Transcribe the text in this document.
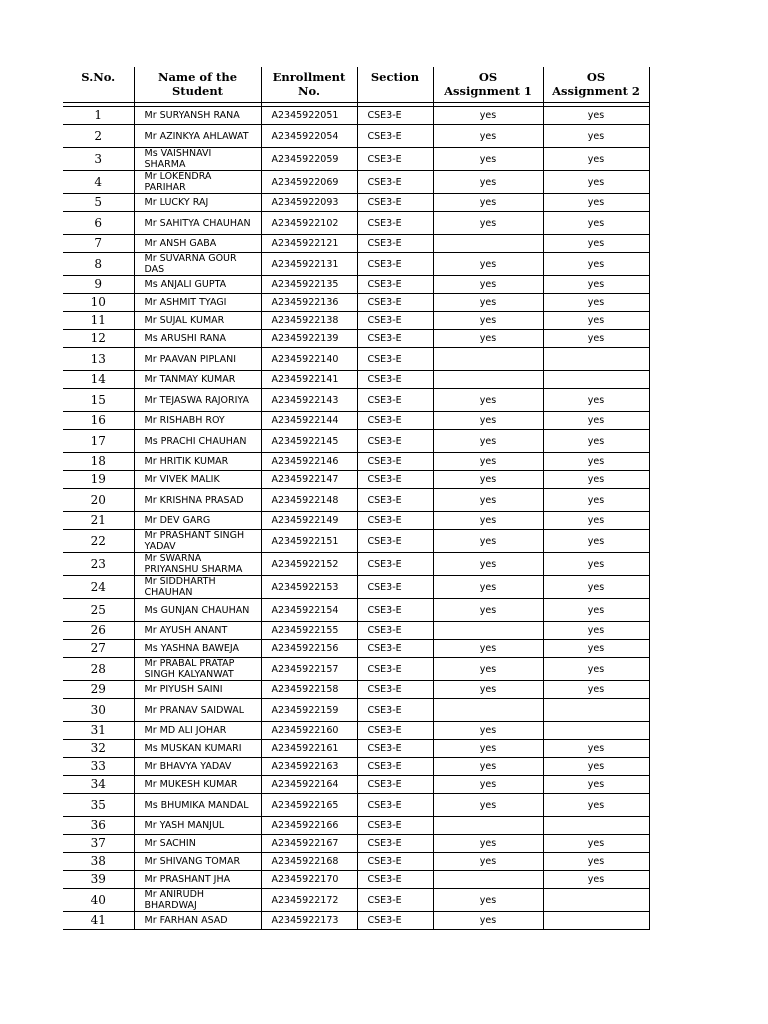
S.No.	Name of the Student	Enrollment No.	Section	OS Assignment 1	OS Assignment 2

1	Mr SURYANSH RANA	A2345922051	CSE3-E	yes	yes
2	Mr AZINKYA AHLAWAT	A2345922054	CSE3-E	yes	yes
3	Ms VAISHNAVI SHARMA	A2345922059	CSE3-E	yes	yes
4	Mr LOKENDRA PARIHAR	A2345922069	CSE3-E	yes	yes
5	Mr LUCKY RAJ	A2345922093	CSE3-E	yes	yes
6	Mr SAHITYA CHAUHAN	A2345922102	CSE3-E	yes	yes
7	Mr ANSH GABA	A2345922121	CSE3-E		yes
8	Mr SUVARNA GOUR DAS	A2345922131	CSE3-E	yes	yes
9	Ms ANJALI GUPTA	A2345922135	CSE3-E	yes	yes
10	Mr ASHMIT TYAGI	A2345922136	CSE3-E	yes	yes
11	Mr SUJAL KUMAR	A2345922138	CSE3-E	yes	yes
12	Ms ARUSHI RANA	A2345922139	CSE3-E	yes	yes
13	Mr PAAVAN PIPLANI	A2345922140	CSE3-E		
14	Mr TANMAY KUMAR	A2345922141	CSE3-E		
15	Mr TEJASWA RAJORIYA	A2345922143	CSE3-E	yes	yes
16	Mr RISHABH ROY	A2345922144	CSE3-E	yes	yes
17	Ms PRACHI CHAUHAN	A2345922145	CSE3-E	yes	yes
18	Mr HRITIK KUMAR	A2345922146	CSE3-E	yes	yes
19	Mr VIVEK MALIK	A2345922147	CSE3-E	yes	yes
20	Mr KRISHNA PRASAD	A2345922148	CSE3-E	yes	yes
21	Mr DEV GARG	A2345922149	CSE3-E	yes	yes
22	Mr PRASHANT SINGH YADAV	A2345922151	CSE3-E	yes	yes
23	Mr SWARNA PRIYANSHU SHARMA	A2345922152	CSE3-E	yes	yes
24	Mr SIDDHARTH CHAUHAN	A2345922153	CSE3-E	yes	yes
25	Ms GUNJAN CHAUHAN	A2345922154	CSE3-E	yes	yes
26	Mr AYUSH ANANT	A2345922155	CSE3-E		yes
27	Ms YASHNA BAWEJA	A2345922156	CSE3-E	yes	yes
28	Mr PRABAL PRATAP SINGH KALYANWAT	A2345922157	CSE3-E	yes	yes
29	Mr PIYUSH SAINI	A2345922158	CSE3-E	yes	yes
30	Mr PRANAV SAIDWAL	A2345922159	CSE3-E		
31	Mr MD ALI JOHAR	A2345922160	CSE3-E	yes	
32	Ms MUSKAN KUMARI	A2345922161	CSE3-E	yes	yes
33	Mr BHAVYA YADAV	A2345922163	CSE3-E	yes	yes
34	Mr MUKESH KUMAR	A2345922164	CSE3-E	yes	yes
35	Ms BHUMIKA MANDAL	A2345922165	CSE3-E	yes	yes
36	Mr YASH MANJUL	A2345922166	CSE3-E		
37	Mr SACHIN	A2345922167	CSE3-E	yes	yes
38	Mr SHIVANG TOMAR	A2345922168	CSE3-E	yes	yes
39	Mr PRASHANT JHA	A2345922170	CSE3-E		yes
40	Mr ANIRUDH BHARDWAJ	A2345922172	CSE3-E	yes	
41	Mr FARHAN ASAD	A2345922173	CSE3-E	yes	
